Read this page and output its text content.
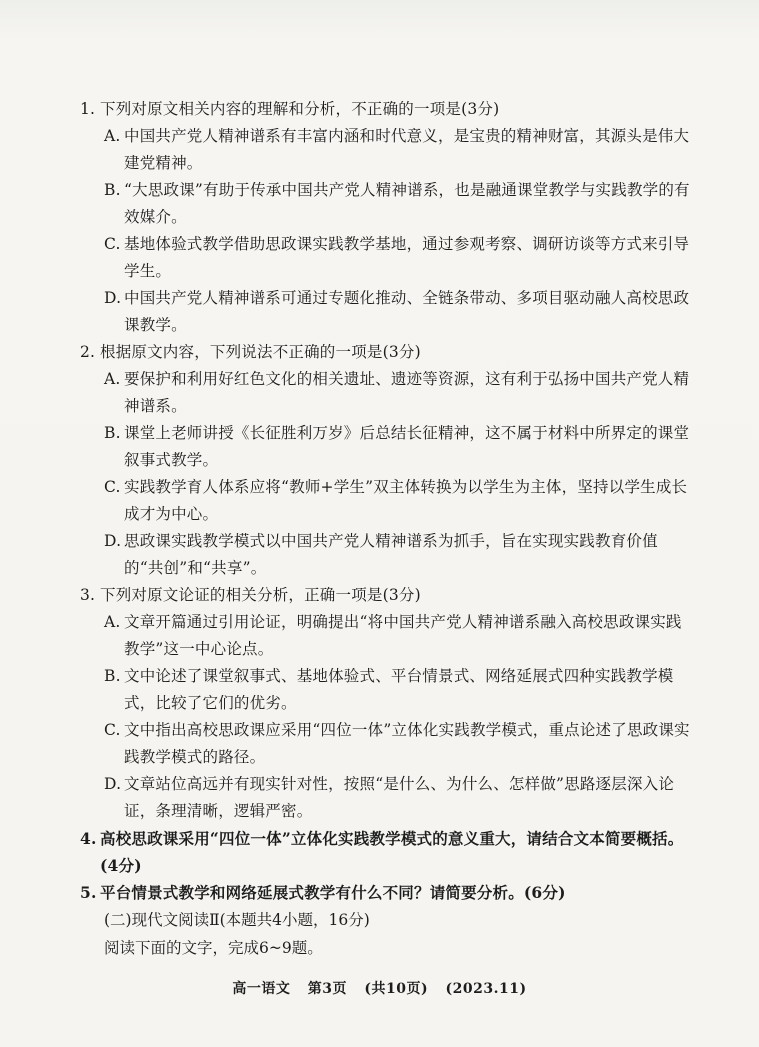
1. 下列对原文相关内容的理解和分析，不正确的一项是(3分)
A. 中国共产党人精神谱系有丰富内涵和时代意义，是宝贵的精神财富，其源头是伟大建党精神。
B. “大思政课”有助于传承中国共产党人精神谱系，也是融通课堂教学与实践教学的有效媒介。
C. 基地体验式教学借助思政课实践教学基地，通过参观考察、调研访谈等方式来引导学生。
D. 中国共产党人精神谱系可通过专题化推动、全链条带动、多项目驱动融人高校思政课教学。
2. 根据原文内容，下列说法不正确的一项是(3分)
A. 要保护和利用好红色文化的相关遗址、遗迹等资源，这有利于弘扬中国共产党人精神谱系。
B. 课堂上老师讲授《长征胜利万岁》后总结长征精神，这不属于材料中所界定的课堂叙事式教学。
C. 实践教学育人体系应将“教师+学生”双主体转换为以学生为主体，坚持以学生成长成才为中心。
D. 思政课实践教学模式以中国共产党人精神谱系为抓手，旨在实现实践教育价值的“共创”和“共享”。
3. 下列对原文论证的相关分析，正确一项是(3分)
A. 文章开篇通过引用论证，明确提出“将中国共产党人精神谱系融入高校思政课实践教学”这一中心论点。
B. 文中论述了课堂叙事式、基地体验式、平台情景式、网络延展式四种实践教学模式，比较了它们的优劣。
C. 文中指出高校思政课应采用“四位一体”立体化实践教学模式，重点论述了思政课实践教学模式的路径。
D. 文章站位高远并有现实针对性，按照“是什么、为什么、怎样做”思路逐层深入论证，条理清晰，逻辑严密。
4. 高校思政课采用“四位一体”立体化实践教学模式的意义重大，请结合文本简要概括。(4分)
5. 平台情景式教学和网络延展式教学有什么不同？请简要分析。(6分)
(二)现代文阅读Ⅱ(本题共4小题，16分)
阅读下面的文字，完成6~9题。
高一语文 第3页 (共10页) (2023.11)
